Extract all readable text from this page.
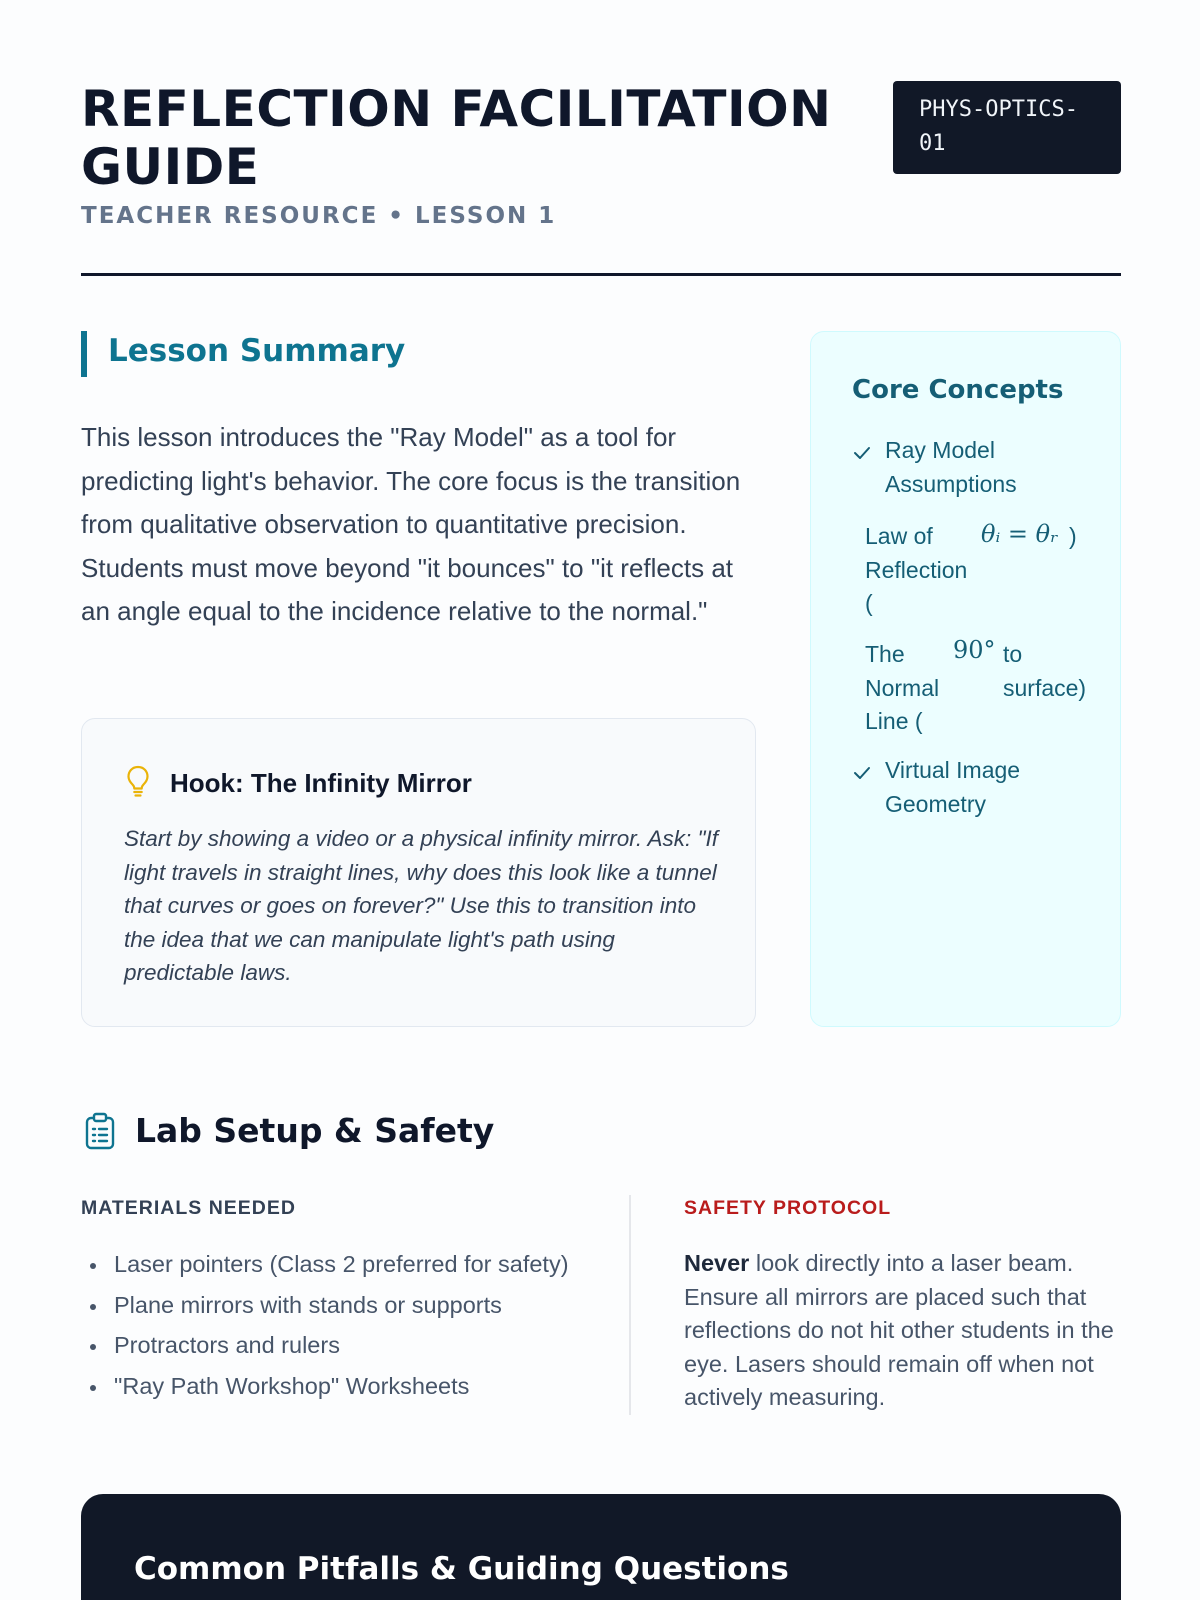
REFLECTION FACILITATION GUIDE
TEACHER RESOURCE • LESSON 1
PHYS-OPTICS-01
Lesson Summary

This lesson introduces the "Ray Model" as a tool for predicting light's behavior. The core focus is the transition from qualitative observation to quantitative precision. Students must move beyond "it bounces" to "it reflects at an angle equal to the incidence relative to the normal."

Hook: The Infinity Mirror

Start by showing a video or a physical infinity mirror. Ask: "If light travels in straight lines, why does this look like a tunnel that curves or goes on forever?" Use this to transition into the idea that we can manipulate light's path using predictable laws.

Core Concepts
Ray Model Assumptions
Law of Reflection (
θᵢ = θᵣ )
The Normal Line (
90° to surface)
Virtual Image Geometry
Lab Setup & Safety
MATERIALS NEEDED
Laser pointers (Class 2 preferred for safety)
Plane mirrors with stands or supports
Protractors and rulers
"Ray Path Workshop" Worksheets
SAFETY PROTOCOL

Never look directly into a laser beam. Ensure all mirrors are placed such that reflections do not hit other students in the eye. Lasers should remain off when not actively measuring.

Common Pitfalls & Guiding Questions
